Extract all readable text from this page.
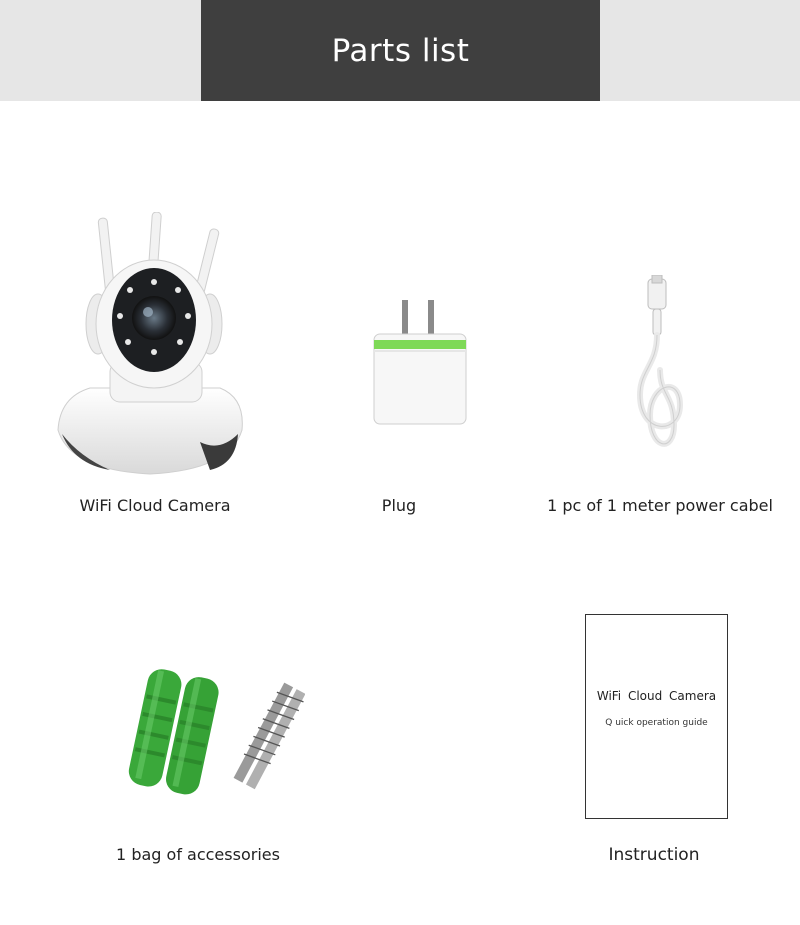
Parts list
WiFi Cloud Camera	Plug	1 pc of 1 meter power cabel
1 bag of accessories
WiFi Cloud Camera
Q uick operation guide
Instruction
